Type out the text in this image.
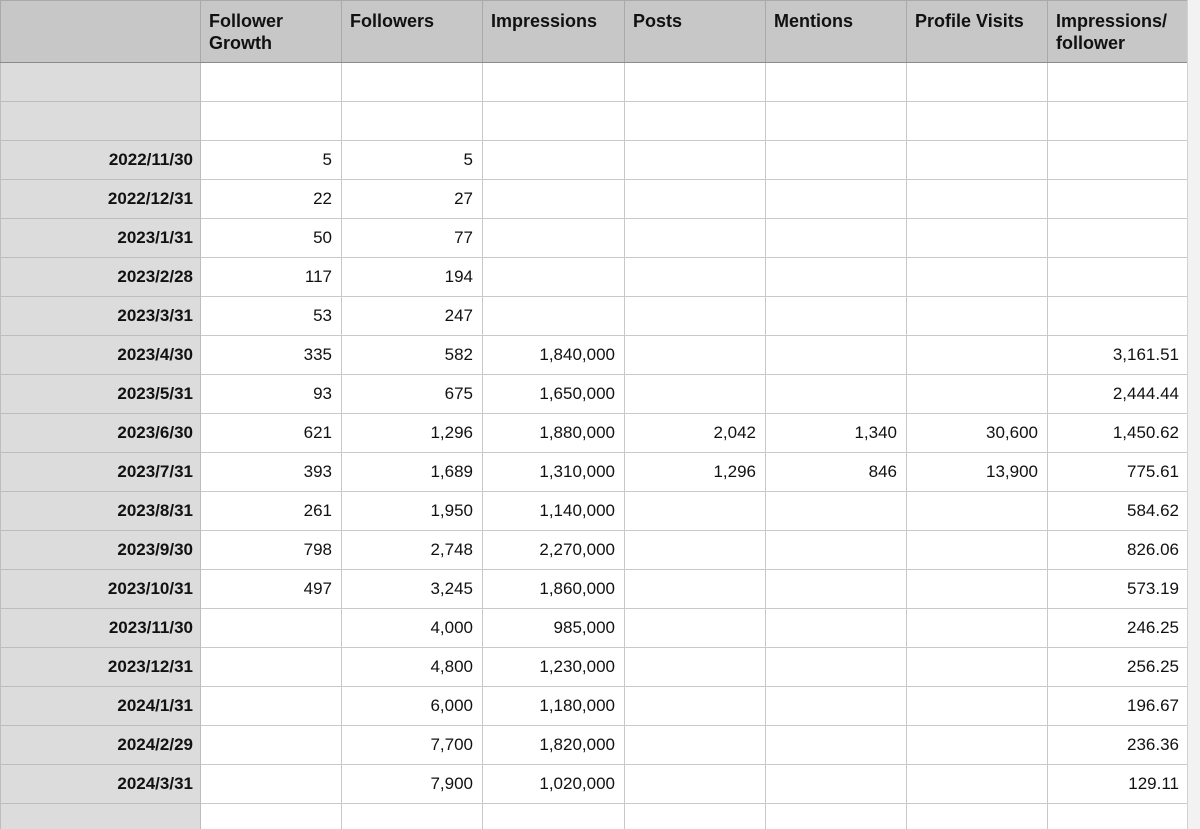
	Follower Growth	Followers	Impressions	Posts	Mentions	Profile Visits	Impressions/ follower

2022/11/30	5	5					
2022/12/31	22	27					
2023/1/31	50	77					
2023/2/28	117	194					
2023/3/31	53	247					
2023/4/30	335	582	1,840,000				3,161.51
2023/5/31	93	675	1,650,000				2,444.44
2023/6/30	621	1,296	1,880,000	2,042	1,340	30,600	1,450.62
2023/7/31	393	1,689	1,310,000	1,296	846	13,900	775.61
2023/8/31	261	1,950	1,140,000				584.62
2023/9/30	798	2,748	2,270,000				826.06
2023/10/31	497	3,245	1,860,000				573.19
2023/11/30		4,000	985,000				246.25
2023/12/31		4,800	1,230,000				256.25
2024/1/31		6,000	1,180,000				196.67
2024/2/29		7,700	1,820,000				236.36
2024/3/31		7,900	1,020,000				129.11
